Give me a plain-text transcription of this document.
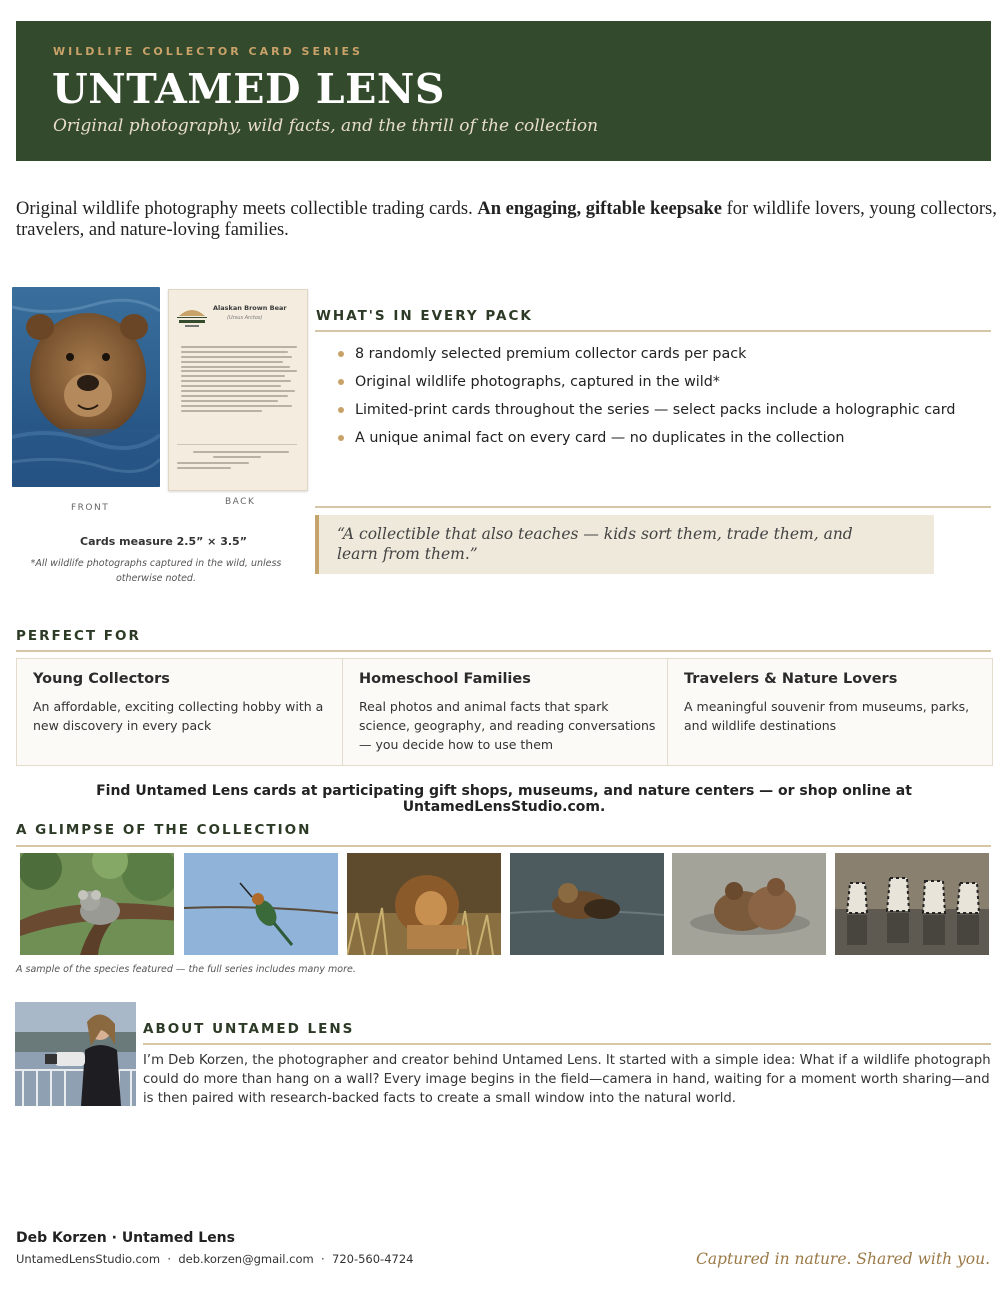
WILDLIFE COLLECTOR CARD SERIES
UNTAMED LENS
Original photography, wild facts, and the thrill of the collection
Original wildlife photography meets collectible trading cards. An engaging, giftable keepsake for wildlife lovers, young collectors, travelers, and nature-loving families.
Alaskan Brown Bear
(Ursus Arctos)
FRONT
BACK
Cards measure 2.5” × 3.5”
*All wildlife photographs captured in the wild, unless otherwise noted.
WHAT'S IN EVERY PACK
8 randomly selected premium collector cards per pack
Original wildlife photographs, captured in the wild*
Limited-print cards throughout the series — select packs include a holographic card
A unique animal fact on every card — no duplicates in the collection
“A collectible that also teaches — kids sort them, trade them, and learn from them.”
PERFECT FOR
Young Collectors
An affordable, exciting collecting hobby with a new discovery in every pack
Homeschool Families
Real photos and animal facts that spark science, geography, and reading conversations — you decide how to use them
Travelers & Nature Lovers
A meaningful souvenir from museums, parks, and wildlife destinations
Find Untamed Lens cards at participating gift shops, museums, and nature centers — or shop online at UntamedLensStudio.com.
A GLIMPSE OF THE COLLECTION
A sample of the species featured — the full series includes many more.
ABOUT UNTAMED LENS
I’m Deb Korzen, the photographer and creator behind Untamed Lens. It started with a simple idea: What if a wildlife photograph could do more than hang on a wall? Every image begins in the field—camera in hand, waiting for a moment worth sharing—and is then paired with research-backed facts to create a small window into the natural world.
Deb Korzen · Untamed Lens
UntamedLensStudio.com  ·  deb.korzen@gmail.com  ·  720-560-4724	Captured in nature. Shared with you.
